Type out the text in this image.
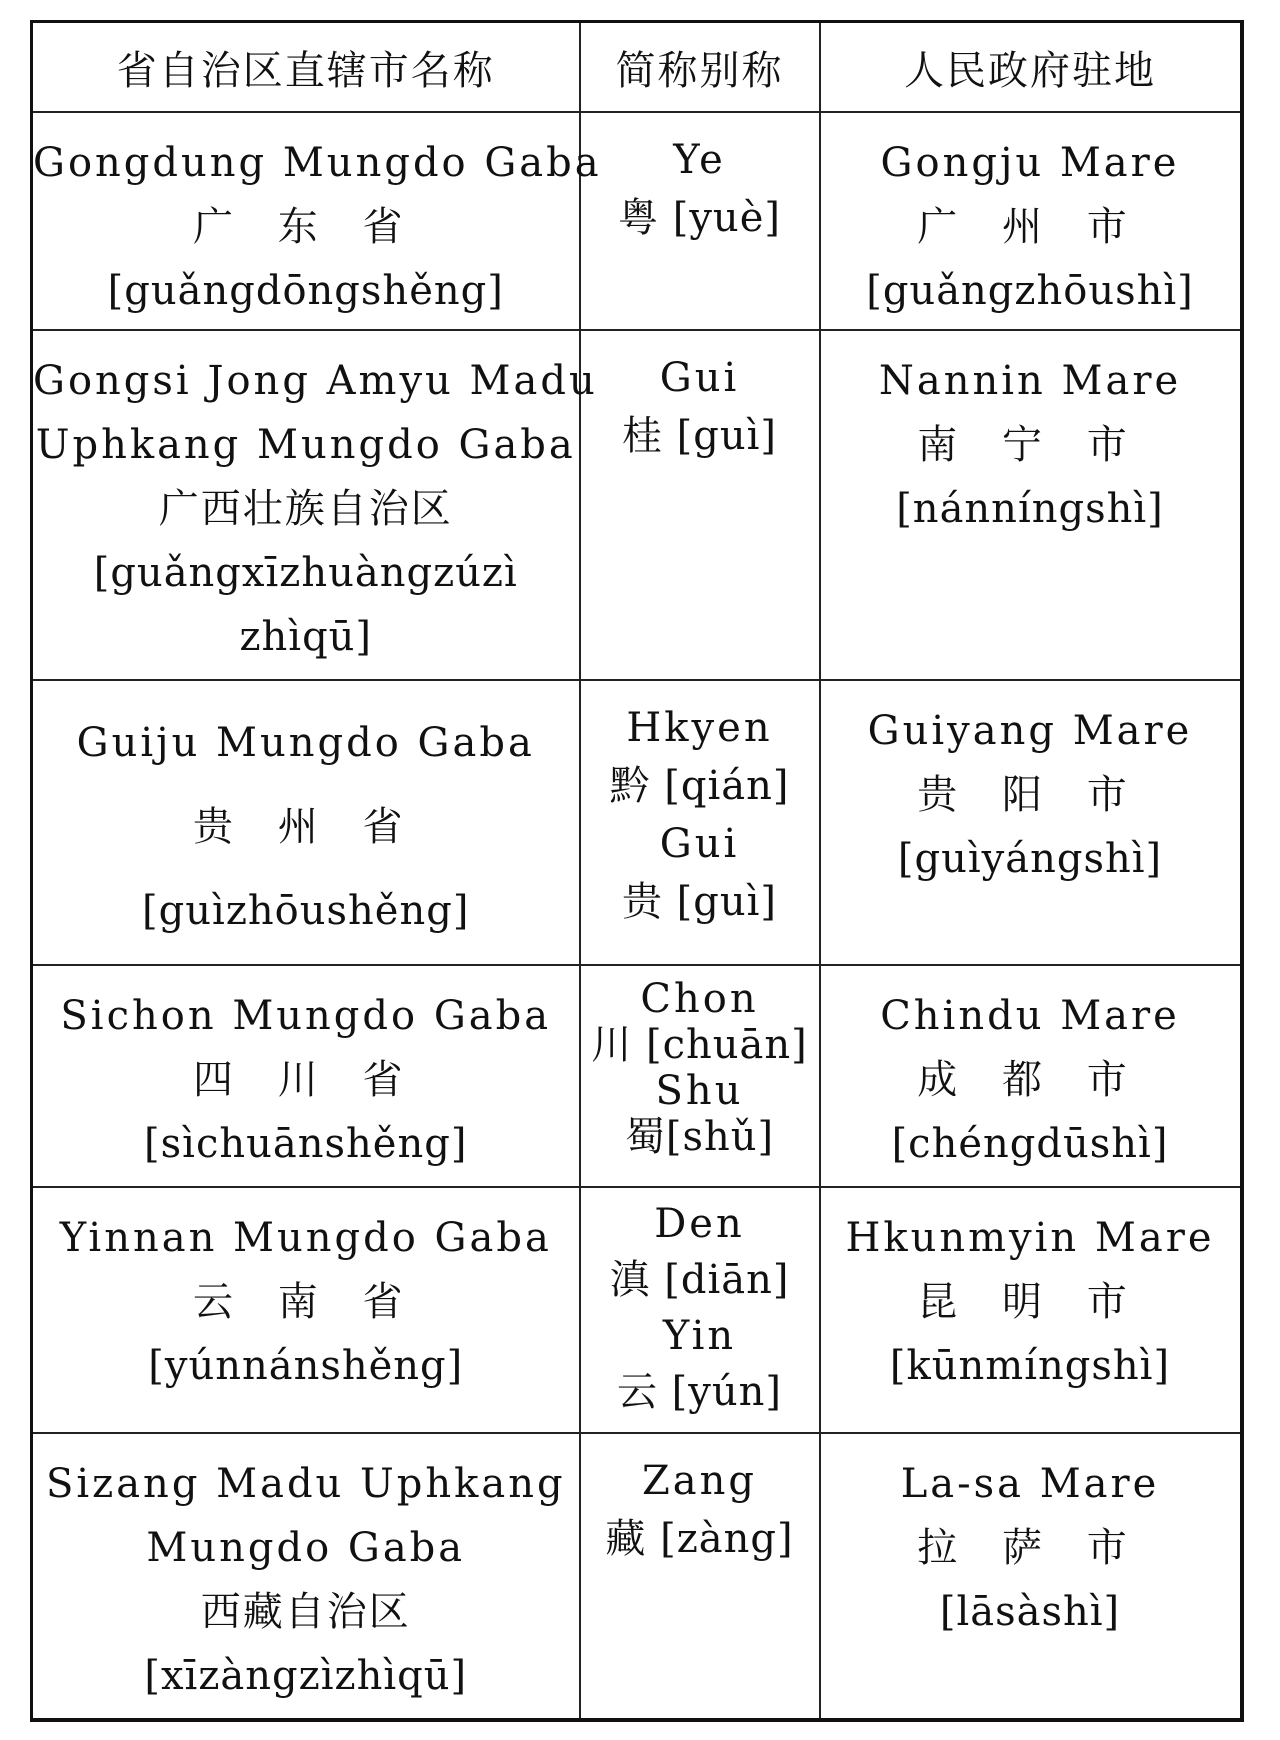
省自治区直辖市名称	简称别称	人民政府驻地

Gongdung Mungdo Gaba
广 东 省
[guǎngdōngshěng]	Ye
粤 [yuè]	Gongju Mare
广 州 市
[guǎngzhōushì]

Gongsi Jong Amyu Madu
Uphkang Mungdo Gaba
广西壮族自治区
[guǎngxīzhuàngzúzì
zhìqū]	Gui
桂 [guì]	Nannin Mare
南 宁 市
[nánníngshì]

Guiju Mungdo Gaba
贵 州 省
[guìzhōushěng]	Hkyen
黔 [qián]
Gui
贵 [guì]	Guiyang Mare
贵 阳 市
[guìyángshì]

Sichon Mungdo Gaba
四 川 省
[sìchuānshěng]	Chon
川 [chuān]
Shu
蜀[shǔ]	Chindu Mare
成 都 市
[chéngdūshì]

Yinnan Mungdo Gaba
云 南 省
[yúnnánshěng]	Den
滇 [diān]
Yin
云 [yún]	Hkunmyin Mare
昆 明 市
[kūnmíngshì]

Sizang Madu Uphkang
Mungdo Gaba
西藏自治区
[xīzàngzìzhìqū]	Zang
藏 [zàng]	La-sa Mare
拉 萨 市
[lāsàshì]
